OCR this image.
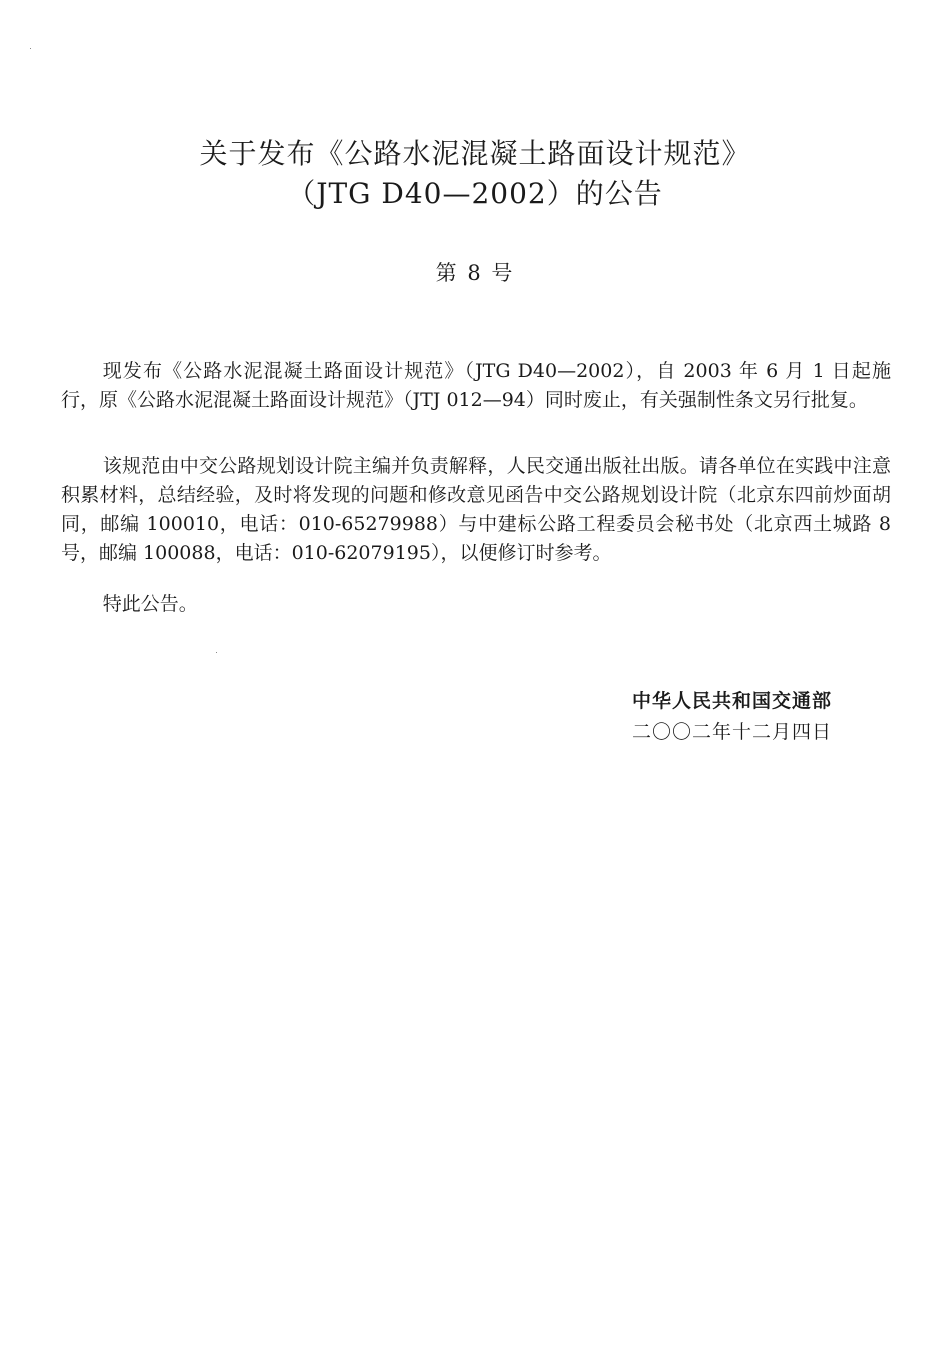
关于发布《公路水泥混凝土路面设计规范》
（JTG D40—2002）的公告
第 8 号

现发布《公路水泥混凝土路面设计规范》（JTG D40—2002），自 2003 年 6 月 1 日起施行，原《公路水泥混凝土路面设计规范》（JTJ 012—94）同时废止，有关强制性条文另行批复。

该规范由中交公路规划设计院主编并负责解释，人民交通出版社出版。请各单位在实践中注意积累材料，总结经验，及时将发现的问题和修改意见函告中交公路规划设计院（北京东四前炒面胡同，邮编 100010，电话：010-65279988）与中建标公路工程委员会秘书处（北京西土城路 8 号，邮编 100088，电话：010-62079195），以便修订时参考。

特此公告。

中华人民共和国交通部
二〇〇二年十二月四日
